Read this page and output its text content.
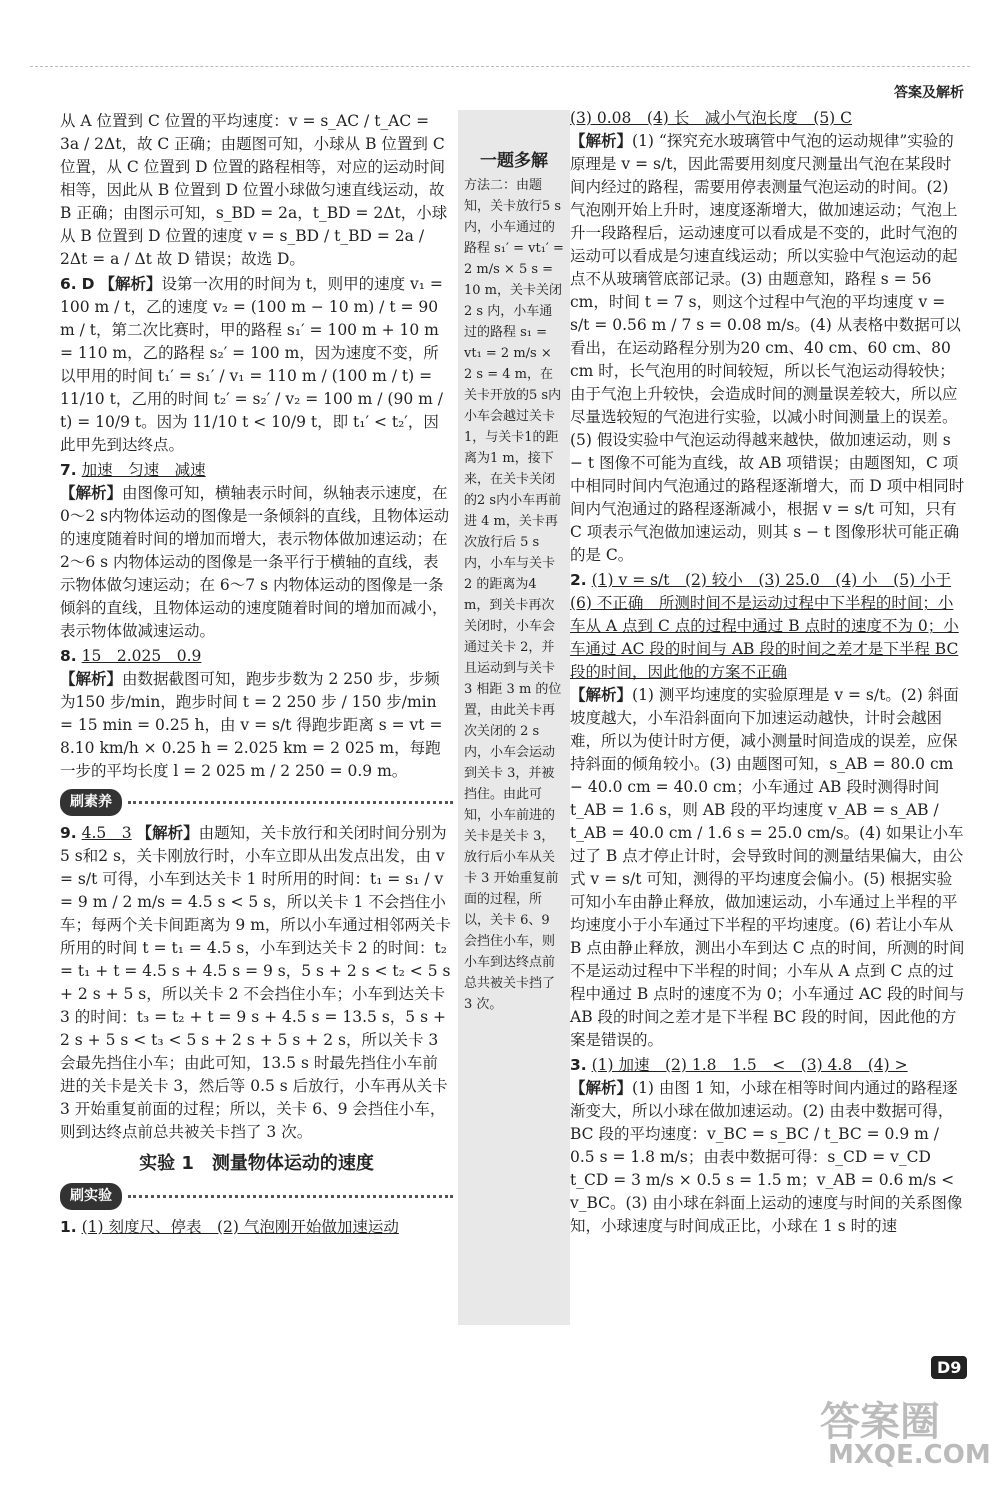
答案及解析

从 A 位置到 C 位置的平均速度：v = s_AC / t_AC = 3a / 2Δt，故 C 正确；由题图可知，小球从 B 位置到 C 位置，从 C 位置到 D 位置的路程相等，对应的运动时间相等，因此从 B 位置到 D 位置小球做匀速直线运动，故 B 正确；由图示可知，s_BD = 2a，t_BD = 2Δt，小球从 B 位置到 D 位置的速度 v = s_BD / t_BD = 2a / 2Δt = a / Δt 故 D 错误；故选 D。

6. D 【解析】设第一次用的时间为 t，则甲的速度 v₁ = 100 m / t，乙的速度 v₂ = (100 m − 10 m) / t = 90 m / t，第二次比赛时，甲的路程 s₁′ = 100 m + 10 m = 110 m，乙的路程 s₂′ = 100 m，因为速度不变，所以甲用的时间 t₁′ = s₁′ / v₁ = 110 m / (100 m / t) = 11/10 t，乙用的时间 t₂′ = s₂′ / v₂ = 100 m / (90 m / t) = 10/9 t。因为 11/10 t < 10/9 t，即 t₁′ < t₂′，因此甲先到达终点。

7. 加速　匀速　减速
【解析】由图像可知，横轴表示时间，纵轴表示速度，在0～2 s内物体运动的图像是一条倾斜的直线，且物体运动的速度随着时间的增加而增大，表示物体做加速运动；在 2～6 s 内物体运动的图像是一条平行于横轴的直线，表示物体做匀速运动；在 6～7 s 内物体运动的图像是一条倾斜的直线，且物体运动的速度随着时间的增加而减小，表示物体做减速运动。

8. 15　2.025　0.9
【解析】由数据截图可知，跑步步数为 2 250 步，步频为150 步/min，跑步时间 t = 2 250 步 / 150 步/min = 15 min = 0.25 h，由 v = s/t 得跑步距离 s = vt = 8.10 km/h × 0.25 h = 2.025 km = 2 025 m，每跑一步的平均长度 l = 2 025 m / 2 250 = 0.9 m。

刷素养

9. 4.5　3 【解析】由题知，关卡放行和关闭时间分别为5 s和2 s，关卡刚放行时，小车立即从出发点出发，由 v = s/t 可得，小车到达关卡 1 时所用的时间：t₁ = s₁ / v = 9 m / 2 m/s = 4.5 s < 5 s，所以关卡 1 不会挡住小车；每两个关卡间距离为 9 m，所以小车通过相邻两关卡所用的时间 t = t₁ = 4.5 s，小车到达关卡 2 的时间：t₂ = t₁ + t = 4.5 s + 4.5 s = 9 s，5 s + 2 s < t₂ < 5 s + 2 s + 5 s，所以关卡 2 不会挡住小车；小车到达关卡 3 的时间：t₃ = t₂ + t = 9 s + 4.5 s = 13.5 s，5 s + 2 s + 5 s < t₃ < 5 s + 2 s + 5 s + 2 s，所以关卡 3 会最先挡住小车；由此可知，13.5 s 时最先挡住小车前进的关卡是关卡 3，然后等 0.5 s 后放行，小车再从关卡 3 开始重复前面的过程；所以，关卡 6、9 会挡住小车，则到达终点前总共被关卡挡了 3 次。

实验 1　测量物体运动的速度
刷实验

1. (1) 刻度尺、停表　(2) 气泡刚开始做加速运动

一题多解
方法二：由题知，关卡放行5 s内，小车通过的路程 s₁′ = vt₁′ = 2 m/s × 5 s = 10 m，关卡关闭 2 s 内，小车通过的路程 s₁ = vt₁ = 2 m/s × 2 s = 4 m，在关卡开放的5 s内小车会越过关卡1，与关卡1的距离为1 m，接下来，在关卡关闭的2 s内小车再前进 4 m，关卡再次放行后 5 s 内，小车与关卡 2 的距离为4 m，到关卡再次关闭时，小车会通过关卡 2，并且运动到与关卡 3 相距 3 m 的位置，由此关卡再次关闭的 2 s 内，小车会运动到关卡 3，并被挡住。由此可知，小车前进的关卡是关卡 3，放行后小车从关卡 3 开始重复前面的过程，所以，关卡 6、9 会挡住小车，则小车到达终点前总共被关卡挡了 3 次。

(3) 0.08　(4) 长　减小气泡长度　(5) C
【解析】(1) “探究充水玻璃管中气泡的运动规律”实验的原理是 v = s/t，因此需要用刻度尺测量出气泡在某段时间内经过的路程，需要用停表测量气泡运动的时间。(2) 气泡刚开始上升时，速度逐渐增大，做加速运动；气泡上升一段路程后，运动速度可以看成是不变的，此时气泡的运动可以看成是匀速直线运动；所以实验中气泡运动的起点不从玻璃管底部记录。(3) 由题意知，路程 s = 56 cm，时间 t = 7 s，则这个过程中气泡的平均速度 v = s/t = 0.56 m / 7 s = 0.08 m/s。(4) 从表格中数据可以看出，在运动路程分别为20 cm、40 cm、60 cm、80 cm 时，长气泡用的时间较短，所以长气泡运动得较快；由于气泡上升较快，会造成时间的测量误差较大，所以应尽量选较短的气泡进行实验，以减小时间测量上的误差。(5) 假设实验中气泡运动得越来越快，做加速运动，则 s − t 图像不可能为直线，故 AB 项错误；由题图知，C 项中相同时间内气泡通过的路程逐渐增大，而 D 项中相同时间内气泡通过的路程逐渐减小，根据 v = s/t 可知，只有 C 项表示气泡做加速运动，则其 s − t 图像形状可能正确的是 C。

2. (1) v = s/t　(2) 较小　(3) 25.0　(4) 小　(5) 小于
(6) 不正确　所测时间不是运动过程中下半程的时间；小车从 A 点到 C 点的过程中通过 B 点时的速度不为 0；小车通过 AC 段的时间与 AB 段的时间之差才是下半程 BC 段的时间，因此他的方案不正确
【解析】(1) 测平均速度的实验原理是 v = s/t。(2) 斜面坡度越大，小车沿斜面向下加速运动越快，计时会越困难，所以为使计时方便，减小测量时间造成的误差，应保持斜面的倾角较小。(3) 由题图可知，s_AB = 80.0 cm − 40.0 cm = 40.0 cm；小车通过 AB 段时测得时间 t_AB = 1.6 s，则 AB 段的平均速度 v_AB = s_AB / t_AB = 40.0 cm / 1.6 s = 25.0 cm/s。(4) 如果让小车过了 B 点才停止计时，会导致时间的测量结果偏大，由公式 v = s/t 可知，测得的平均速度会偏小。(5) 根据实验可知小车由静止释放，做加速运动，小车通过上半程的平均速度小于小车通过下半程的平均速度。(6) 若让小车从 B 点由静止释放，测出小车到达 C 点的时间，所测的时间不是运动过程中下半程的时间；小车从 A 点到 C 点的过程中通过 B 点时的速度不为 0；小车通过 AC 段的时间与 AB 段的时间之差才是下半程 BC 段的时间，因此他的方案是错误的。

3. (1) 加速　(2) 1.8　1.5　<　(3) 4.8　(4) >
【解析】(1) 由图 1 知，小球在相等时间内通过的路程逐渐变大，所以小球在做加速运动。(2) 由表中数据可得，BC 段的平均速度：v_BC = s_BC / t_BC = 0.9 m / 0.5 s = 1.8 m/s；由表中数据可得：s_CD = v_CD t_CD = 3 m/s × 0.5 s = 1.5 m；v_AB = 0.6 m/s < v_BC。(3) 由小球在斜面上运动的速度与时间的关系图像知，小球速度与时间成正比，小球在 1 s 时的速

D9
答案圈
MXQE.COM
